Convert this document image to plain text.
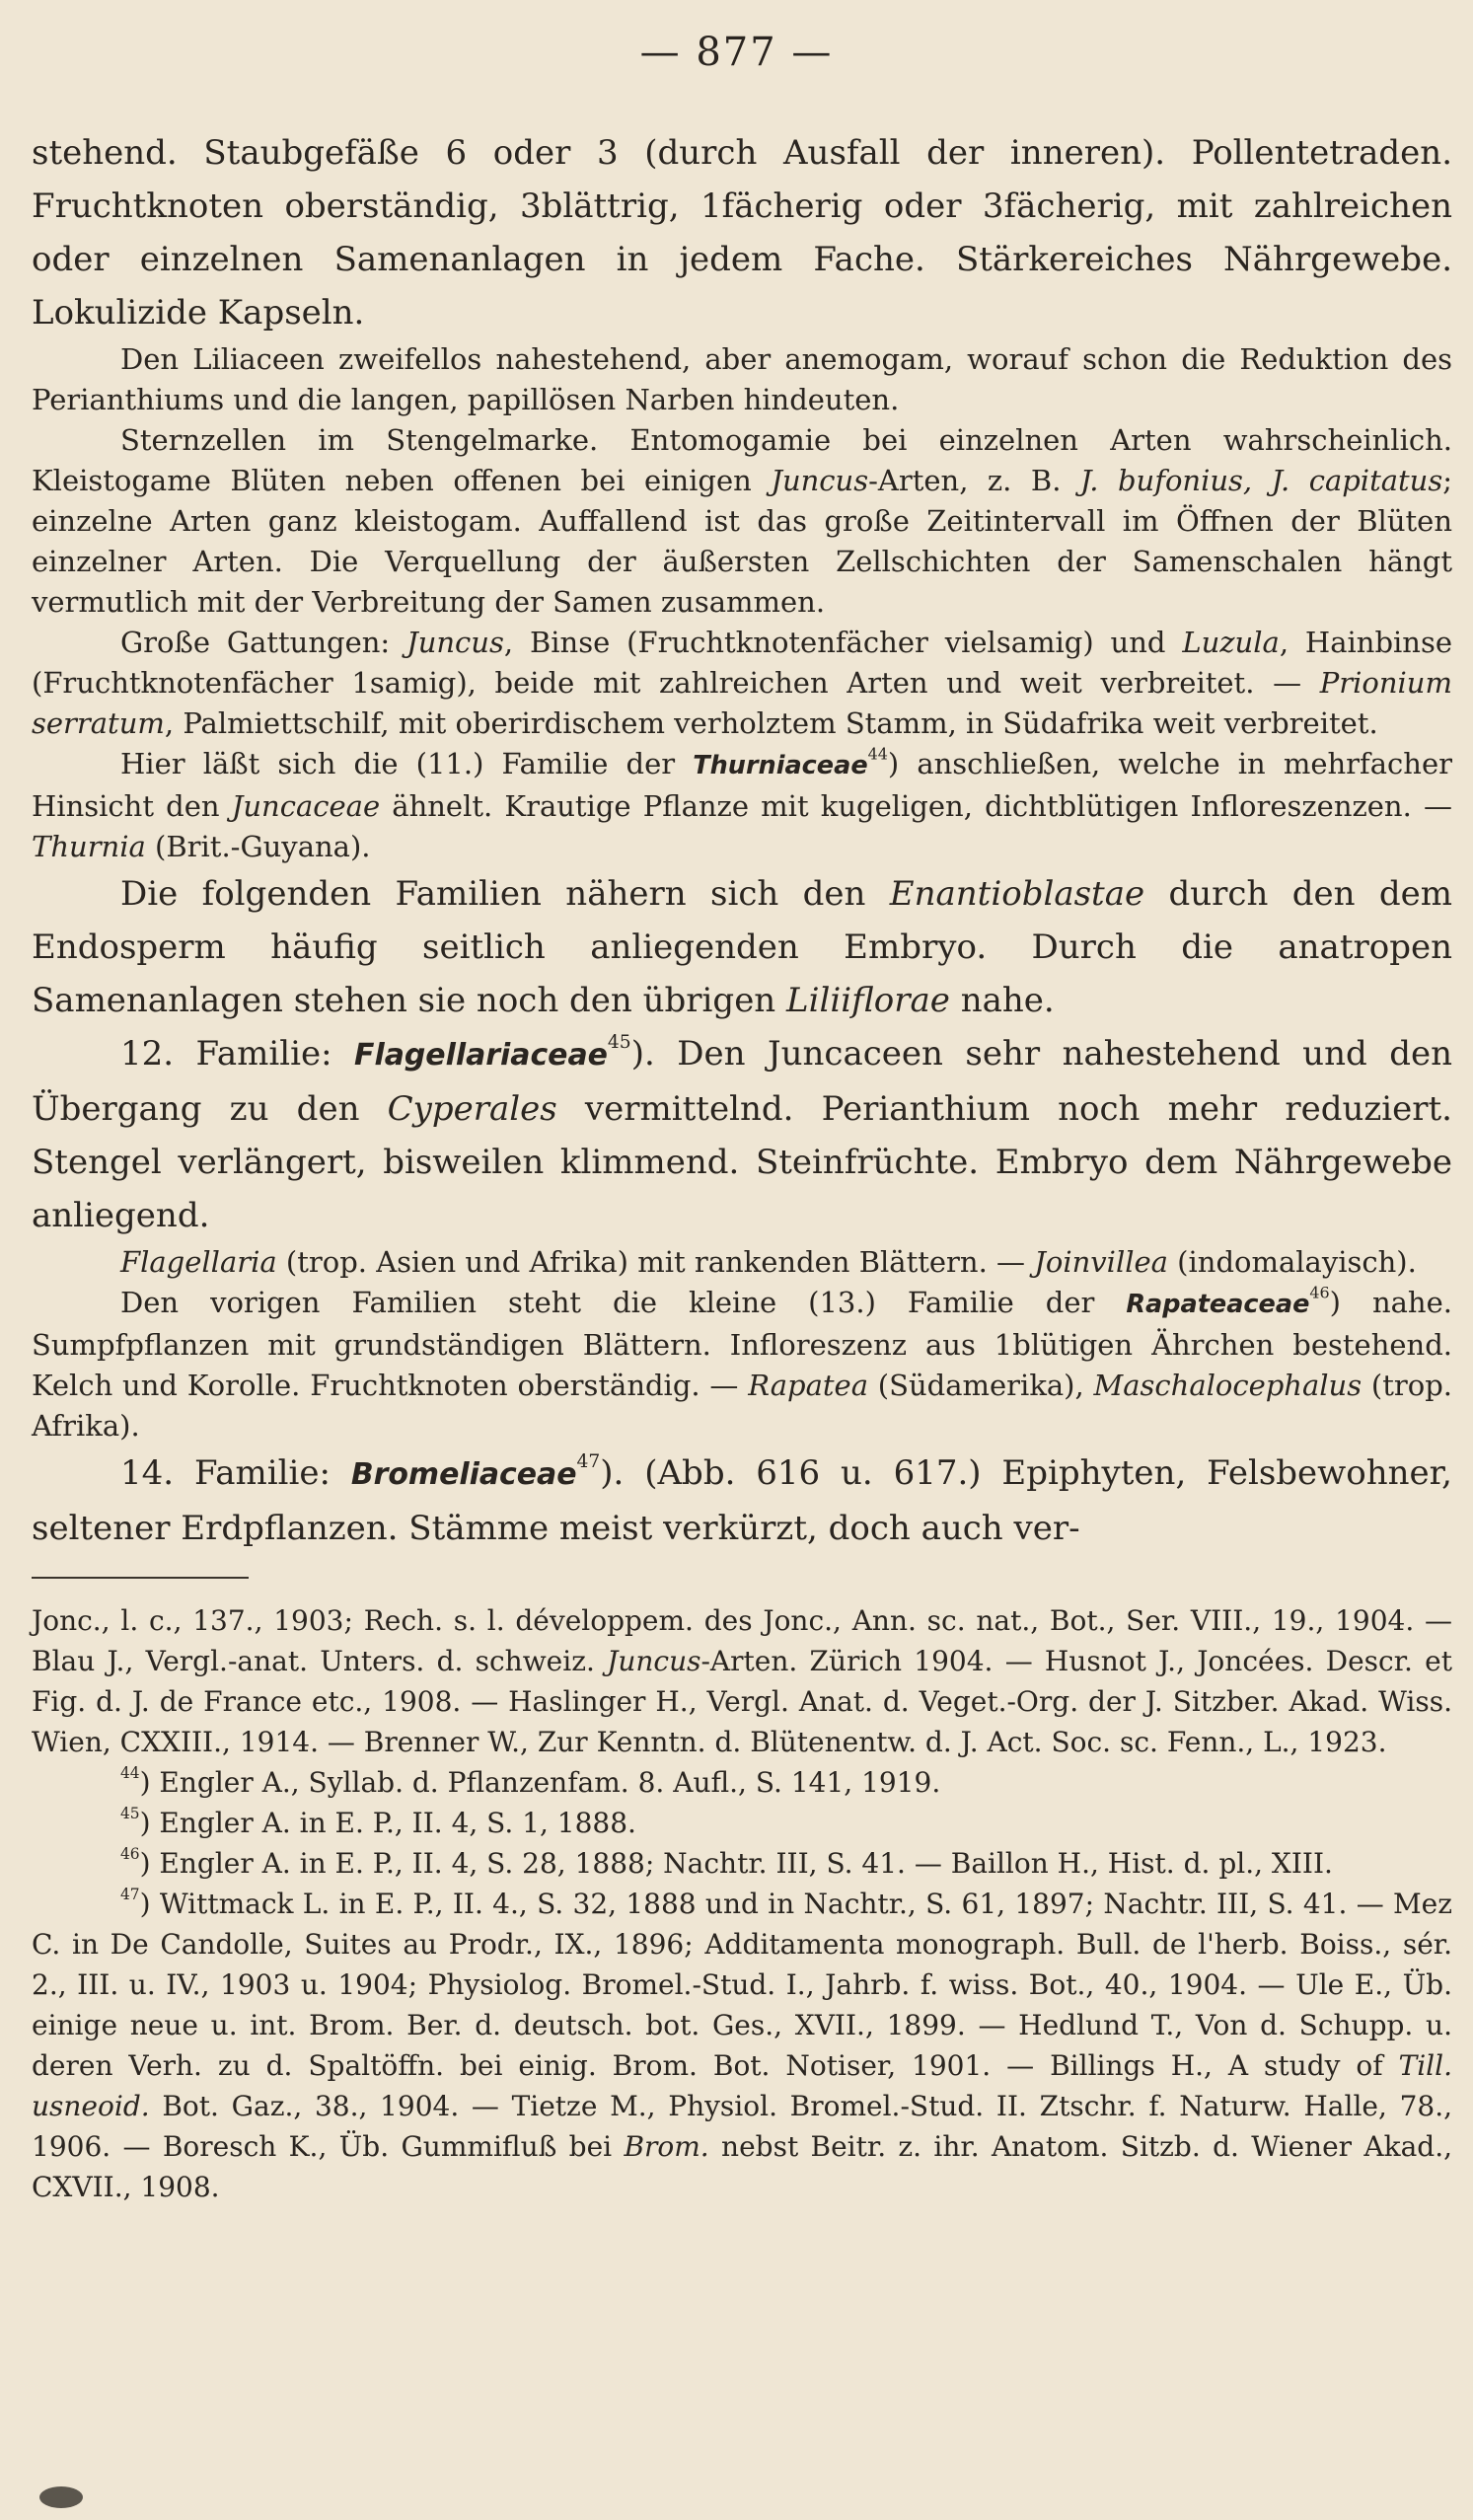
— 877 —

stehend. Staubgefäße 6 oder 3 (durch Ausfall der inneren). Pollentetraden. Fruchtknoten oberständig, 3blättrig, 1fächerig oder 3fächerig, mit zahlreichen oder einzelnen Samenanlagen in jedem Fache. Stärkereiches Nährgewebe. Lokulizide Kapseln.

Den Liliaceen zweifellos nahestehend, aber anemogam, worauf schon die Reduktion des Perianthiums und die langen, papillösen Narben hindeuten.

Sternzellen im Stengelmarke. Entomogamie bei einzelnen Arten wahrscheinlich. Kleistogame Blüten neben offenen bei einigen Juncus-Arten, z. B. J. bufonius, J. capitatus; einzelne Arten ganz kleistogam. Auffallend ist das große Zeitintervall im Öffnen der Blüten einzelner Arten. Die Verquellung der äußersten Zellschichten der Samenschalen hängt vermutlich mit der Verbreitung der Samen zusammen.

Große Gattungen: Juncus, Binse (Fruchtknotenfächer vielsamig) und Luzula, Hainbinse (Fruchtknotenfächer 1samig), beide mit zahlreichen Arten und weit verbreitet. — Prionium serratum, Palmiettschilf, mit oberirdischem verholztem Stamm, in Südafrika weit verbreitet.

Hier läßt sich die (11.) Familie der Thurniaceae$^{44}$) anschließen, welche in mehrfacher Hinsicht den Juncaceae ähnelt. Krautige Pflanze mit kugeligen, dichtblütigen Infloreszenzen. — Thurnia (Brit.-Guyana).

Die folgenden Familien nähern sich den Enantioblastae durch den dem Endosperm häufig seitlich anliegenden Embryo. Durch die anatropen Samenanlagen stehen sie noch den übrigen Liliiflorae nahe.

12. Familie: Flagellariaceae$^{45}$). Den Juncaceen sehr nahestehend und den Übergang zu den Cyperales vermittelnd. Perianthium noch mehr reduziert. Stengel verlängert, bisweilen klimmend. Steinfrüchte. Embryo dem Nährgewebe anliegend.

Flagellaria (trop. Asien und Afrika) mit rankenden Blättern. — Joinvillea (indomalayisch).

Den vorigen Familien steht die kleine (13.) Familie der Rapateaceae$^{46}$) nahe. Sumpfpflanzen mit grundständigen Blättern. Infloreszenz aus 1blütigen Ährchen bestehend. Kelch und Korolle. Fruchtknoten oberständig. — Rapatea (Südamerika), Maschalocephalus (trop. Afrika).

14. Familie: Bromeliaceae$^{47}$). (Abb. 616 u. 617.) Epiphyten, Felsbewohner, seltener Erdpflanzen. Stämme meist verkürzt, doch auch ver-

Jonc., l. c., 137., 1903; Rech. s. l. développem. des Jonc., Ann. sc. nat., Bot., Ser. VIII., 19., 1904. — Blau J., Vergl.-anat. Unters. d. schweiz. Juncus-Arten. Zürich 1904. — Husnot J., Joncées. Descr. et Fig. d. J. de France etc., 1908. — Haslinger H., Vergl. Anat. d. Veget.-Org. der J. Sitzber. Akad. Wiss. Wien, CXXIII., 1914. — Brenner W., Zur Kenntn. d. Blütenentw. d. J. Act. Soc. sc. Fenn., L., 1923.

$^{44}$) Engler A., Syllab. d. Pflanzenfam. 8. Aufl., S. 141, 1919.

$^{45}$) Engler A. in E. P., II. 4, S. 1, 1888.

$^{46}$) Engler A. in E. P., II. 4, S. 28, 1888; Nachtr. III, S. 41. — Baillon H., Hist. d. pl., XIII.

$^{47}$) Wittmack L. in E. P., II. 4., S. 32, 1888 und in Nachtr., S. 61, 1897; Nachtr. III, S. 41. — Mez C. in De Candolle, Suites au Prodr., IX., 1896; Additamenta monograph. Bull. de l'herb. Boiss., sér. 2., III. u. IV., 1903 u. 1904; Physiolog. Bromel.-Stud. I., Jahrb. f. wiss. Bot., 40., 1904. — Ule E., Üb. einige neue u. int. Brom. Ber. d. deutsch. bot. Ges., XVII., 1899. — Hedlund T., Von d. Schupp. u. deren Verh. zu d. Spaltöffn. bei einig. Brom. Bot. Notiser, 1901. — Billings H., A study of Till. usneoid. Bot. Gaz., 38., 1904. — Tietze M., Physiol. Bromel.-Stud. II. Ztschr. f. Naturw. Halle, 78., 1906. — Boresch K., Üb. Gummifluß bei Brom. nebst Beitr. z. ihr. Anatom. Sitzb. d. Wiener Akad., CXVII., 1908.
